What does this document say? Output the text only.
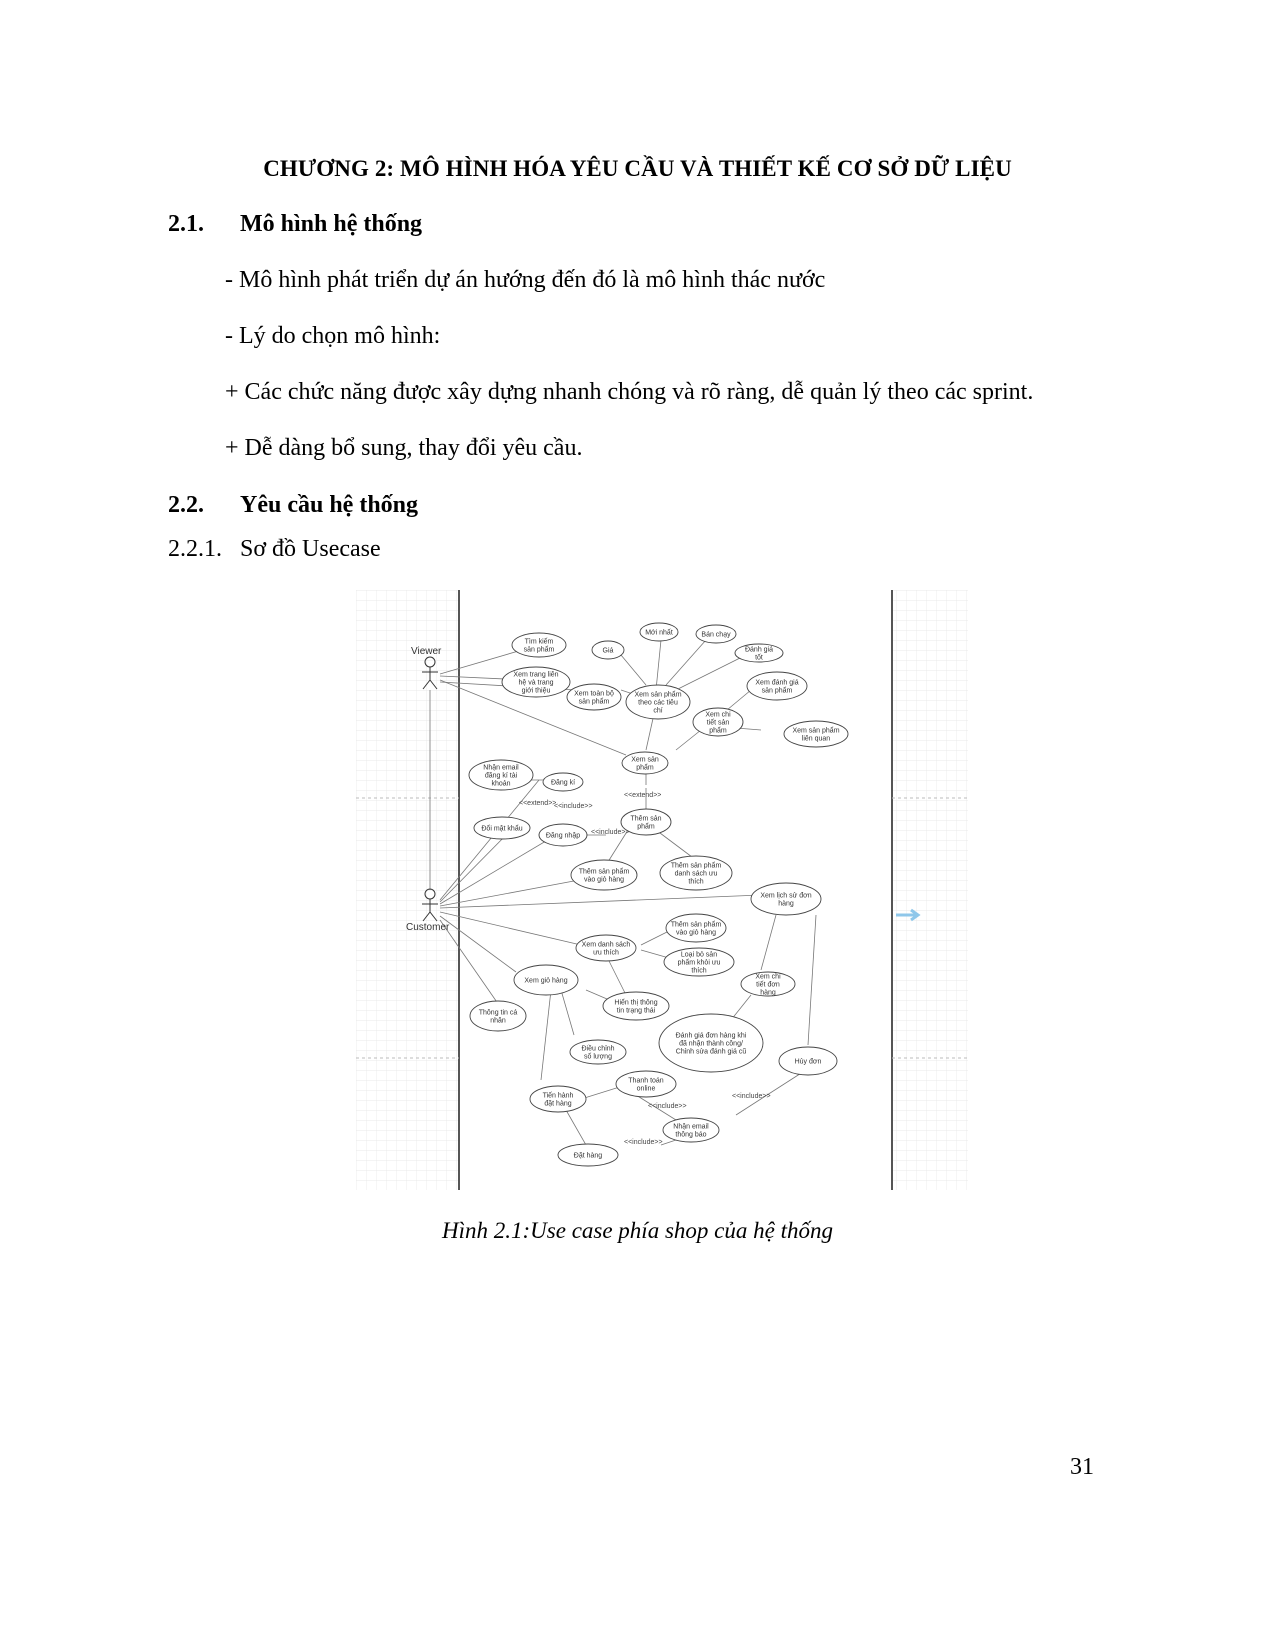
CHƯƠNG 2: MÔ HÌNH HÓA YÊU CẦU VÀ THIẾT KẾ CƠ SỞ DỮ LIỆU
2.1. Mô hình hệ thống
- Mô hình phát triển dự án hướng đến đó là mô hình thác nước
- Lý do chọn mô hình:
+ Các chức năng được xây dựng nhanh chóng và rõ ràng, dễ quản lý theo các sprint.
+ Dễ dàng bổ sung, thay đổi yêu cầu.
2.2. Yêu cầu hệ thống
2.2.1. Sơ đồ Usecase
Viewer
Customer
Tìm kiếm sản phẩm
Mới nhất	Bán chạy
Giá	Đánh giá tốt
Xem trang liên hệ và trang giới thiệu	Xem toàn bộ sản phẩm
Xem sản phẩm theo các tiêu chí
Xem đánh giá sản phẩm
Xem chi tiết sản phẩm	Xem sản phẩm liên quan
Xem sản phẩm
Nhận email đăng kí tài khoản	Đăng kí
Đổi mật khẩu
Đăng nhập
Thêm sản phẩm
Thêm sản phẩm vào giỏ hàng
Thêm sản phẩm danh sách ưu thích
Xem lịch sử đơn hàng
Thêm sản phẩm vào giỏ hàng
Xem danh sách ưu thích	Loại bỏ sản phẩm khỏi ưu thích
Xem giỏ hàng
Xem chi tiết đơn hàng
Hiển thị thông tin trạng thái
Thông tin cá nhân
Đánh giá đơn hàng khi đã nhận thành công/ Chỉnh sửa đánh giá cũ
Điều chỉnh số lượng
Hủy đơn
Thanh toán online
Tiến hành đặt hàng
Nhận email thông báo
Đặt hàng
<<extend>>
<<extend>>
<<include>>
<<include>>
<<include>>
<<include>>
<<include>>
Hình 2.1:Use case phía shop của hệ thống
31
